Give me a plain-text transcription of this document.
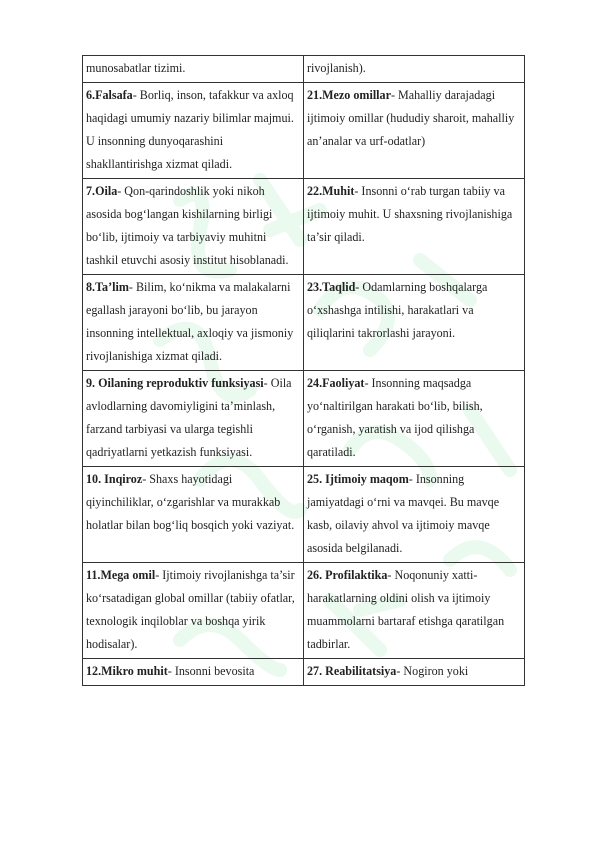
munosabatlar tizimi.	rivojlanish).
6.Falsafa- Borliq, inson, tafakkur va axloq haqidagi umumiy nazariy bilimlar majmui. U insonning dunyoqarashini shakllantirishga xizmat qiladi.	21.Mezo omillar- Mahalliy darajadagi ijtimoiy omillar (hududiy sharoit, mahalliy an’analar va urf-odatlar)
7.Oila- Qon-qarindoshlik yoki nikoh asosida bog‘langan kishilarning birligi bo‘lib, ijtimoiy va tarbiyaviy muhitni tashkil etuvchi asosiy institut hisoblanadi.	22.Muhit- Insonni o‘rab turgan tabiiy va ijtimoiy muhit. U shaxsning rivojlanishiga ta’sir qiladi.
8.Ta’lim- Bilim, ko‘nikma va malakalarni egallash jarayoni bo‘lib, bu jarayon insonning intellektual, axloqiy va jismoniy rivojlanishiga xizmat qiladi.	23.Taqlid- Odamlarning boshqalarga o‘xshashga intilishi, harakatlari va qiliqlarini takrorlashi jarayoni.
9. Oilaning reproduktiv funksiyasi- Oila avlodlarning davomiyligini ta’minlash, farzand tarbiyasi va ularga tegishli qadriyatlarni yetkazish funksiyasi.	24.Faoliyat- Insonning maqsadga yo‘naltirilgan harakati bo‘lib, bilish, o‘rganish, yaratish va ijod qilishga qaratiladi.
10. Inqiroz- Shaxs hayotidagi qiyinchiliklar, o‘zgarishlar va murakkab holatlar bilan bog‘liq bosqich yoki vaziyat.	25. Ijtimoiy maqom- Insonning jamiyatdagi o‘rni va mavqei. Bu mavqe kasb, oilaviy ahvol va ijtimoiy mavqe asosida belgilanadi.
11.Mega omil- Ijtimoiy rivojlanishga ta’sir ko‘rsatadigan global omillar (tabiiy ofatlar, texnologik inqiloblar va boshqa yirik hodisalar).	26. Profilaktika- Noqonuniy xatti-harakatlarning oldini olish va ijtimoiy muammolarni bartaraf etishga qaratilgan tadbirlar.
12.Mikro muhit- Insonni bevosita	27. Reabilitatsiya- Nogiron yoki
